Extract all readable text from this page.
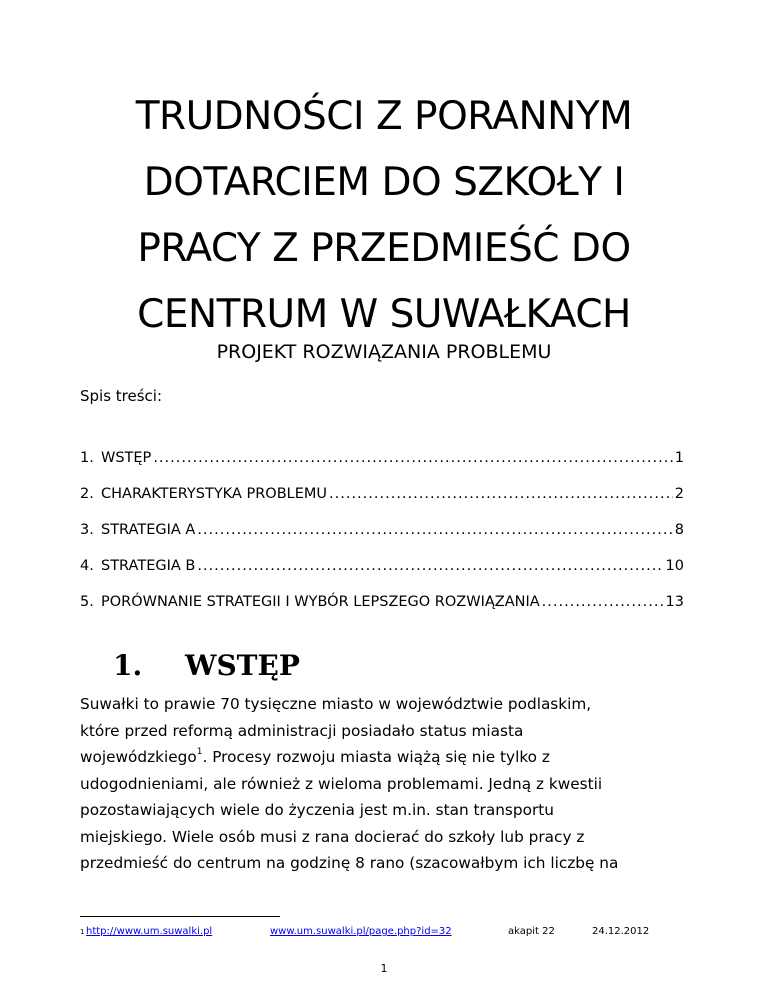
TRUDNOŚCI Z PORANNYM
DOTARCIEM DO SZKOŁY I
PRACY Z PRZEDMIEŚĆ DO
CENTRUM W SUWAŁKACH
PROJEKT ROZWIĄZANIA PROBLEMU
Spis treści:
1. WSTĘP .....	1
2. CHARAKTERYSTYKA PROBLEMU .....	2
3. STRATEGIA A .....	8
4. STRATEGIA B .....	10
5. PORÓWNANIE STRATEGII I WYBÓR LEPSZEGO ROZWIĄZANIA .....	13
1. WSTĘP

Suwałki to prawie 70 tysięczne miasto w województwie podlaskim,
które przed reformą administracji posiadało status miasta
wojewódzkiego$^1$. Procesy rozwoju miasta wiążą się nie tylko z
udogodnieniami, ale również z wieloma problemami. Jedną z kwestii
pozostawiających wiele do życzenia jest m.in. stan transportu
miejskiego. Wiele osób musi z rana docierać do szkoły lub pracy z
przedmieść do centrum na godzinę 8 rano (szacowałbym ich liczbę na

$^1$ http://www.um.suwalki.pl	www.um.suwalki.pl/page.php?id=32	akapit 22	24.12.2012
1
